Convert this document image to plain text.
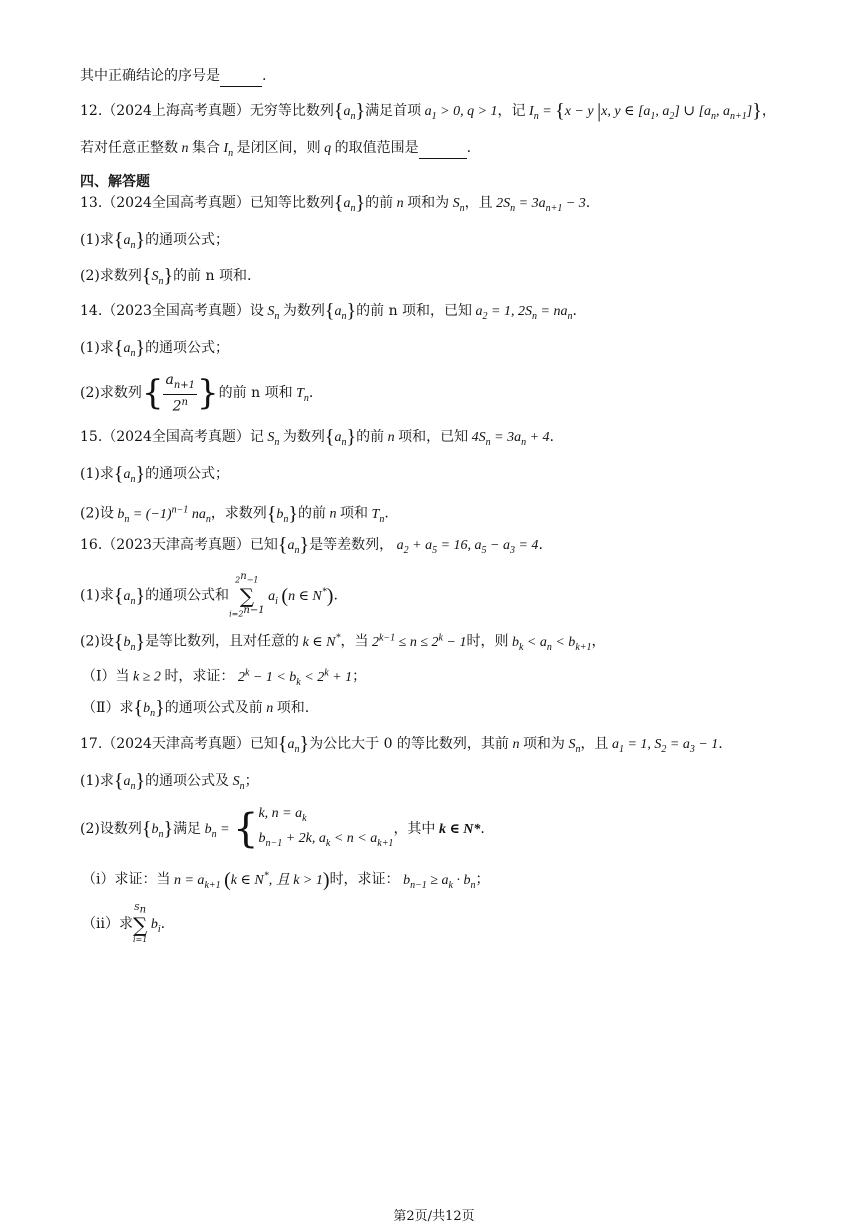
其中正确结论的序号是	.
12.（2024上海高考真题）无穷等比数列$\{a_n\}$满足首项 $a_1 > 0$, q > 1，记 $I_n = \{x - y$ |x, y ∈ [$a_1$, $a_2$] ∪ [$a_n$, $a_{n+1}$]}，
若对任意正整数 n 集合 $I_n$ 是闭区间，则 q 的取值范围是	.
四、解答题
13.（2024全国高考真题）已知等比数列$\{a_n\}$的前 n 项和为 $S_n$，且 $2S_n = 3a_{n+1} - 3$.
(1)求$\{a_n\}$的通项公式；
(2)求数列$\{S_n\}$的前 n 项和.
14.（2023全国高考真题）设 $S_n$ 为数列$\{a_n\}$的前 n 项和，已知 $a_2 = 1$, $2S_n = na_n$.
(1)求$\{a_n\}$的通项公式；
(2)求数列{ $\frac{a_{n+1}}{2^n}$ }的前 n 项和 $T_n$.
15.（2024全国高考真题）记 $S_n$ 为数列$\{a_n\}$的前 n 项和，已知 $4S_n = 3a_n + 4$.
(1)求$\{a_n\}$的通项公式；
(2)设 $b_n = (-1)^{n-1}$ $na_n$，求数列$\{b_n\}$的前 n 项和 $T_n$.
16.（2023天津高考真题）已知$\{a_n\}$是等差数列， $a_2 + a_5 = 16$, $a_5 - a_3 = 4$.
(1)求$\{a_n\}$的通项公式和
$2^n-1$
∑
$i=2^{n-1}$
$a_i$ (n ∈ N*).
(2)设$\{b_n\}$是等比数列，且对任意的 k ∈ N*，当 $2^{k-1} \le n \le 2^k - 1$时，则 $b_k < a_n < b_{k+1}$，
（Ⅰ）当 k ≥ 2 时，求证： $2^k - 1 < b_k < 2^k + 1$；
（Ⅱ）求$\{b_n\}$的通项公式及前 n 项和.
17.（2024天津高考真题）已知$\{a_n\}$为公比大于 0 的等比数列，其前 n 项和为 $S_n$，且 $a_1 = 1$, $S_2 = a_3 - 1$.
(1)求$\{a_n\}$的通项公式及 $S_n$；
(2)设数列$\{b_n\}$满足 $b_n$ = { k, $n = a_k$
$b_{n-1} + 2k$, $a_k < n < a_{k+1}$
，其中 k ∈ N*.
（ⅰ）求证：当 $n = a_{k+1}$ (k ∈ N*, 且 k > 1)时，求证： $b_{n-1} \ge a_k \cdot b_n$；
（ⅱ）求
$S_n$
∑
i=1
$b_i$.
第2页/共12页
